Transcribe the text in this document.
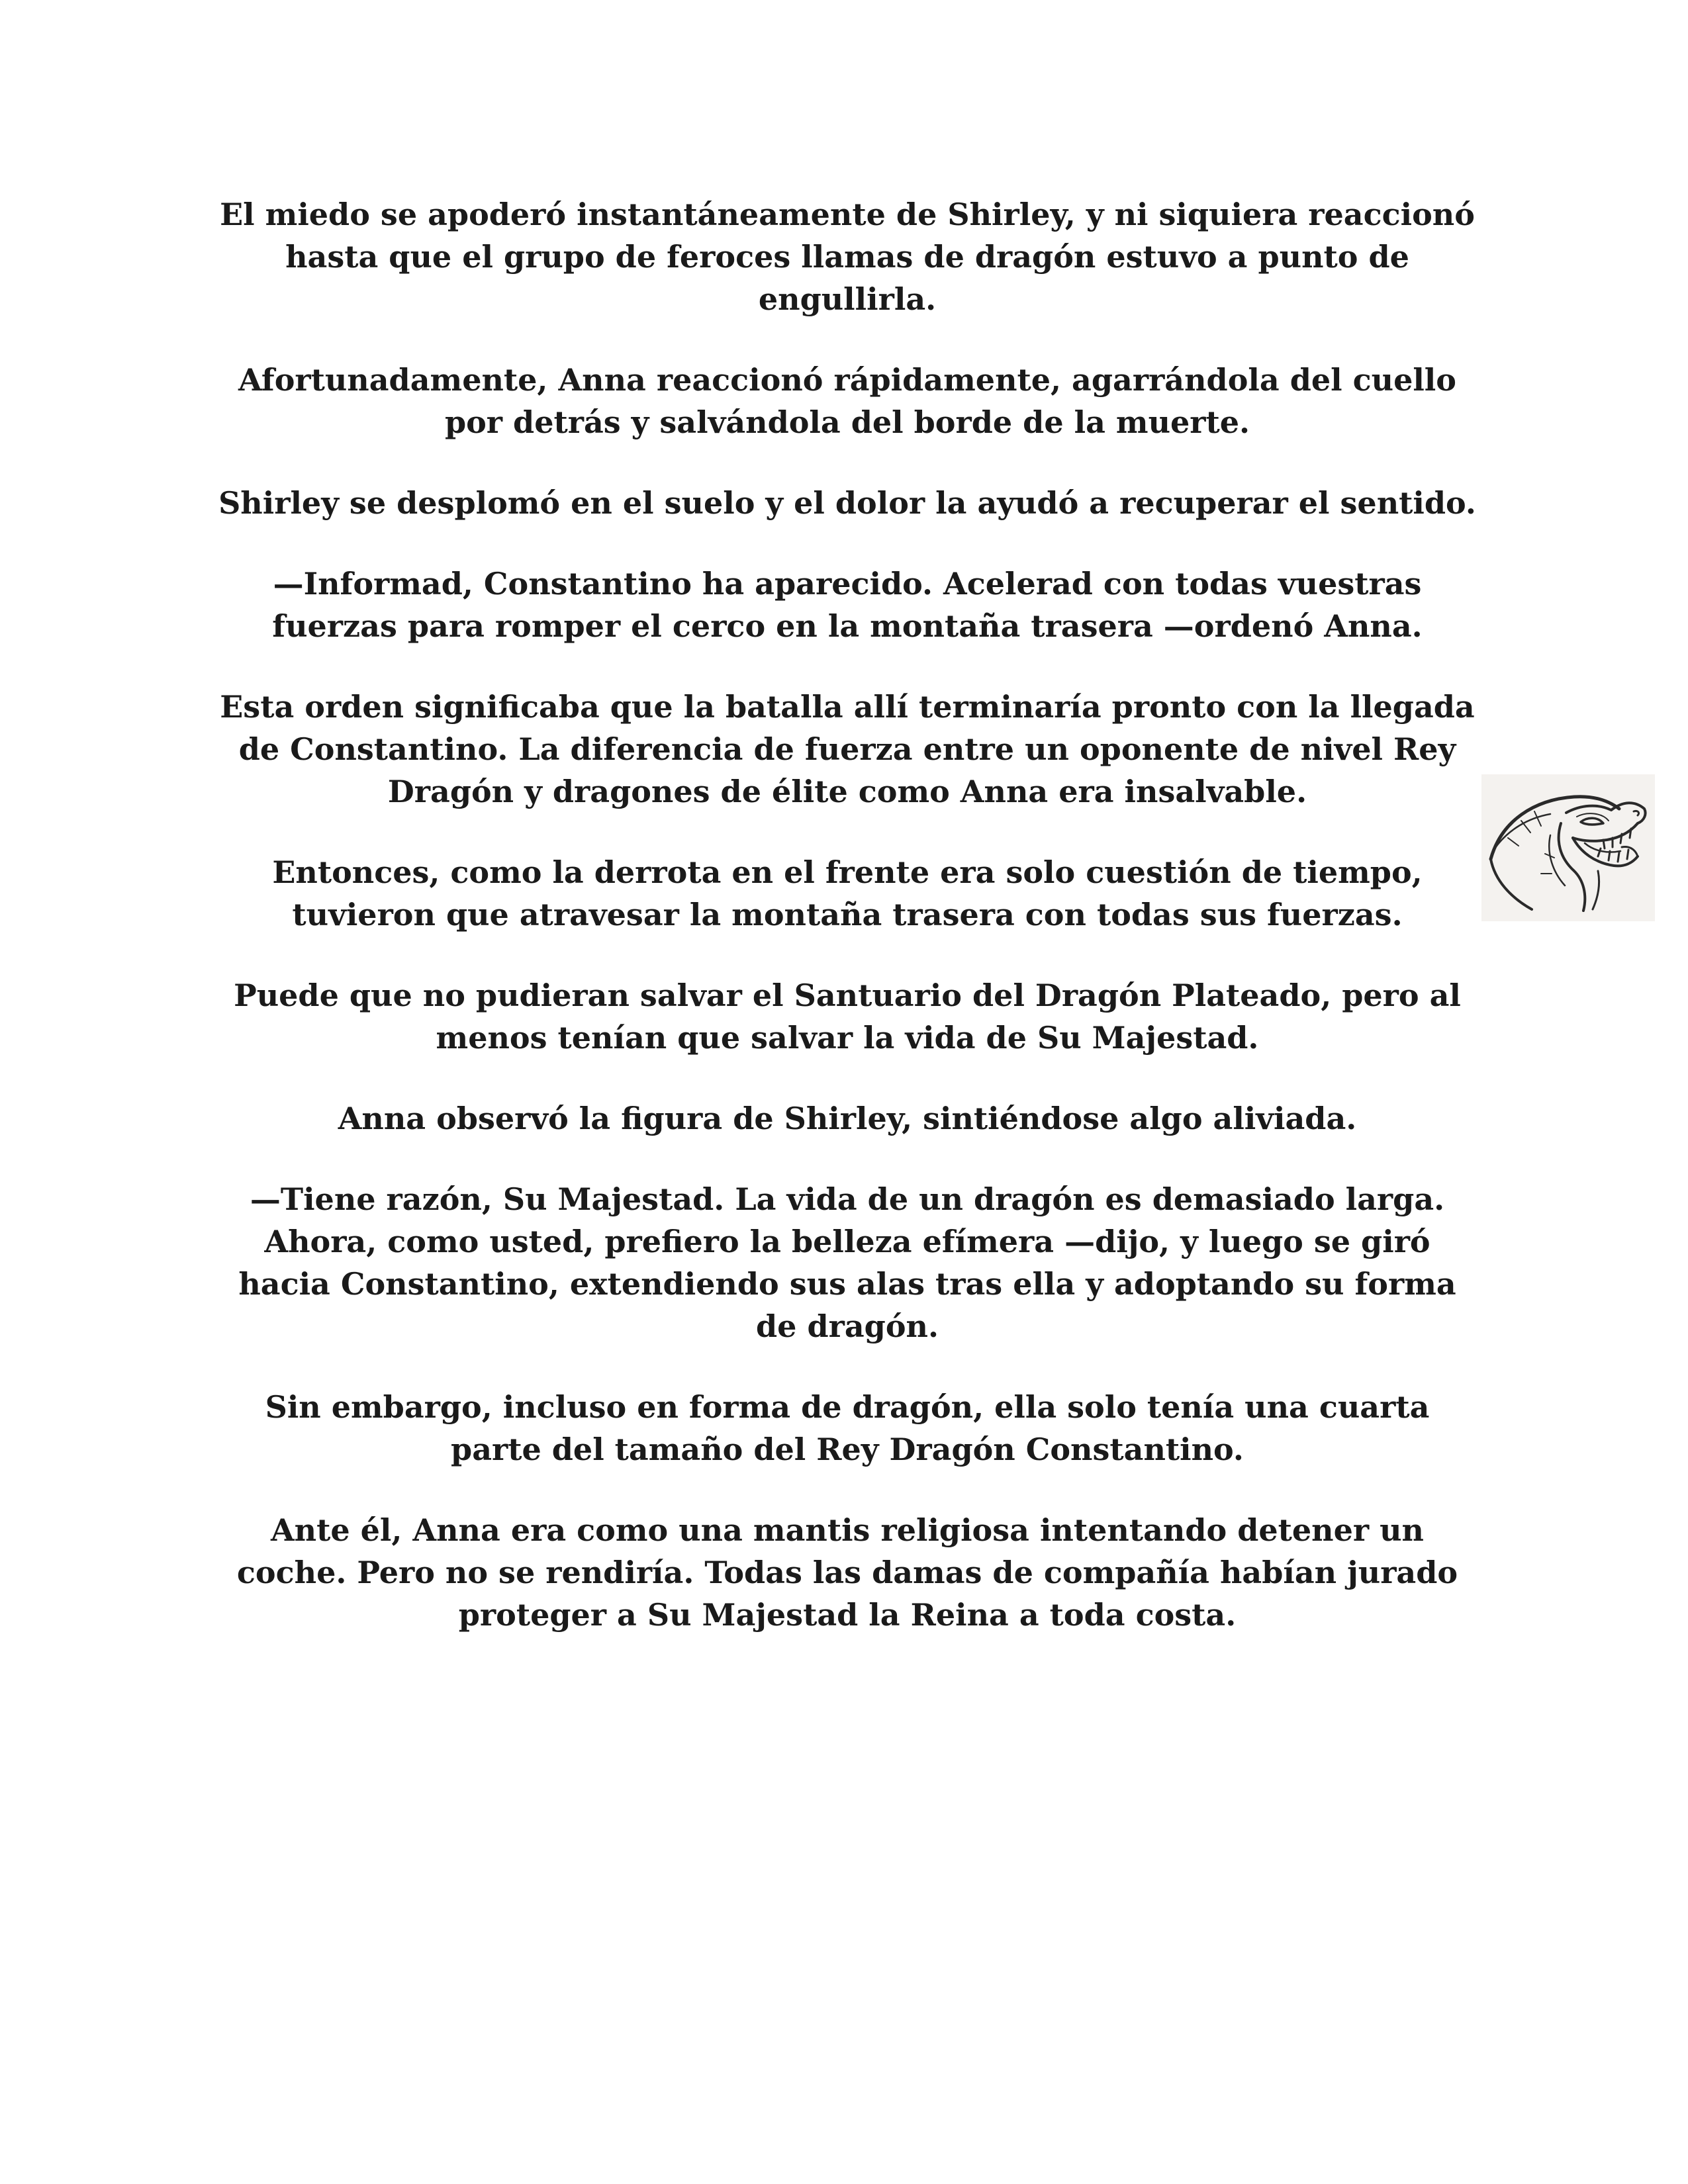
El miedo se apoderó instantáneamente de Shirley, y ni siquiera reaccionó hasta que el grupo de feroces llamas de dragón estuvo a punto de engullirla.

Afortunadamente, Anna reaccionó rápidamente, agarrándola del cuello por detrás y salvándola del borde de la muerte.

Shirley se desplomó en el suelo y el dolor la ayudó a recuperar el sentido.

—Informad, Constantino ha aparecido. Acelerad con todas vuestras fuerzas para romper el cerco en la montaña trasera —ordenó Anna.

Esta orden significaba que la batalla allí terminaría pronto con la llegada de Constantino. La diferencia de fuerza entre un oponente de nivel Rey Dragón y dragones de élite como Anna era insalvable.

Entonces, como la derrota en el frente era solo cuestión de tiempo, tuvieron que atravesar la montaña trasera con todas sus fuerzas.

Puede que no pudieran salvar el Santuario del Dragón Plateado, pero al menos tenían que salvar la vida de Su Majestad.

Anna observó la figura de Shirley, sintiéndose algo aliviada.

—Tiene razón, Su Majestad. La vida de un dragón es demasiado larga. Ahora, como usted, prefiero la belleza efímera —dijo, y luego se giró hacia Constantino, extendiendo sus alas tras ella y adoptando su forma de dragón.

Sin embargo, incluso en forma de dragón, ella solo tenía una cuarta parte del tamaño del Rey Dragón Constantino.

Ante él, Anna era como una mantis religiosa intentando detener un coche. Pero no se rendiría. Todas las damas de compañía habían jurado proteger a Su Majestad la Reina a toda costa.
